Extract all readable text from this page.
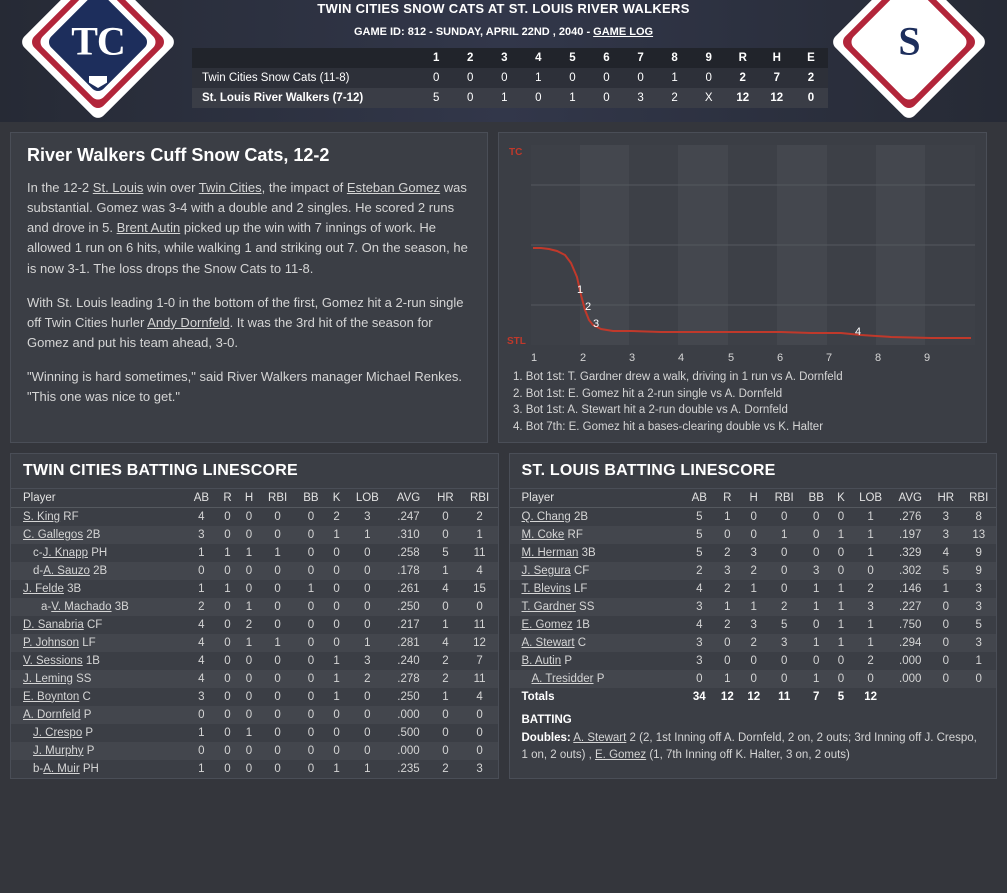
TWIN CITIES SNOW CATS AT ST. LOUIS RIVER WALKERS
GAME ID: 812 - SUNDAY, APRIL 22ND , 2040 - GAME LOG
TC	S
	1	2	3	4	5	6	7	8	9	R	H	E
Twin Cities Snow Cats (11-8)	0	0	0	1	0	0	0	1	0	2	7	2
St. Louis River Walkers (7-12)	5	0	1	0	1	0	3	2	X	12	12	0
River Walkers Cuff Snow Cats, 12-2

In the 12-2 St. Louis win over Twin Cities, the impact of Esteban Gomez was substantial. Gomez was 3-4 with a double and 2 singles. He scored 2 runs and drove in 5. Brent Autin picked up the win with 7 innings of work. He allowed 1 run on 6 hits, while walking 1 and striking out 7. On the season, he is now 3-1. The loss drops the Snow Cats to 11-8.

With St. Louis leading 1-0 in the bottom of the first, Gomez hit a 2-run single off Twin Cities hurler Andy Dornfeld. It was the 3rd hit of the season for Gomez and put his team ahead, 3-0.

"Winning is hard sometimes," said River Walkers manager Michael Renkes. "This one was nice to get."

TC
STL
1
2
3
4
1	2	3	4	5	6	7	8	9
1. Bot 1st: T. Gardner drew a walk, driving in 1 run vs A. Dornfeld
2. Bot 1st: E. Gomez hit a 2-run single vs A. Dornfeld
3. Bot 1st: A. Stewart hit a 2-run double vs A. Dornfeld
4. Bot 7th: E. Gomez hit a bases-clearing double vs K. Halter
TWIN CITIES BATTING LINESCORE
Player	AB	R	H	RBI	BB	K	LOB	AVG	HR	RBI
S. King RF	4	0	0	0	0	2	3	.247	0	2
C. Gallegos 2B	3	0	0	0	0	1	1	.310	0	1
c-J. Knapp PH	1	1	1	1	0	0	0	.258	5	11
d-A. Sauzo 2B	0	0	0	0	0	0	0	.178	1	4
J. Felde 3B	1	1	0	0	1	0	0	.261	4	15
a-V. Machado 3B	2	0	1	0	0	0	0	.250	0	0
D. Sanabria CF	4	0	2	0	0	0	0	.217	1	11
P. Johnson LF	4	0	1	1	0	0	1	.281	4	12
V. Sessions 1B	4	0	0	0	0	1	3	.240	2	7
J. Leming SS	4	0	0	0	0	1	2	.278	2	11
E. Boynton C	3	0	0	0	0	1	0	.250	1	4
A. Dornfeld P	0	0	0	0	0	0	0	.000	0	0
J. Crespo P	1	0	1	0	0	0	0	.500	0	0
J. Murphy P	0	0	0	0	0	0	0	.000	0	0
b-A. Muir PH	1	0	0	0	0	1	1	.235	2	3
ST. LOUIS BATTING LINESCORE
Player	AB	R	H	RBI	BB	K	LOB	AVG	HR	RBI
Q. Chang 2B	5	1	0	0	0	0	1	.276	3	8
M. Coke RF	5	0	0	1	0	1	1	.197	3	13
M. Herman 3B	5	2	3	0	0	0	1	.329	4	9
J. Segura CF	2	3	2	0	3	0	0	.302	5	9
T. Blevins LF	4	2	1	0	1	1	2	.146	1	3
T. Gardner SS	3	1	1	2	1	1	3	.227	0	3
E. Gomez 1B	4	2	3	5	0	1	1	.750	0	5
A. Stewart C	3	0	2	3	1	1	1	.294	0	3
B. Autin P	3	0	0	0	0	0	2	.000	0	1
A. Tresidder P	0	1	0	0	1	0	0	.000	0	0
Totals	34	12	12	11	7	5	12			
BATTING
Doubles: A. Stewart 2 (2, 1st Inning off A. Dornfeld, 2 on, 2 outs; 3rd Inning off J. Crespo, 1 on, 2 outs) , E. Gomez (1, 7th Inning off K. Halter, 3 on, 2 outs)
